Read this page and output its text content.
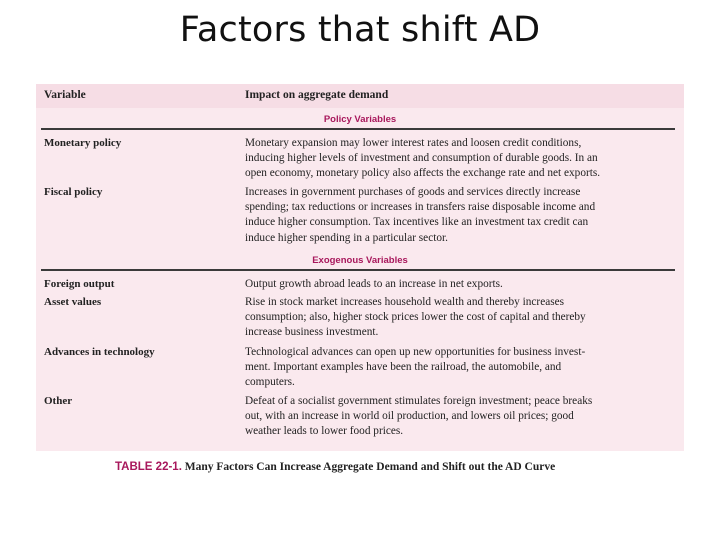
Factors that shift AD
Variable	Impact on aggregate demand
Policy Variables
Monetary policy	Monetary expansion may lower interest rates and loosen credit conditions,
inducing higher levels of investment and consumption of durable goods. In an
open economy, monetary policy also affects the exchange rate and net exports.
Fiscal policy	Increases in government purchases of goods and services directly increase
spending; tax reductions or increases in transfers raise disposable income and
induce higher consumption. Tax incentives like an investment tax credit can
induce higher spending in a particular sector.
Exogenous Variables
Foreign output	Output growth abroad leads to an increase in net exports.
Asset values	Rise in stock market increases household wealth and thereby increases
consumption; also, higher stock prices lower the cost of capital and thereby
increase business investment.
Advances in technology	Technological advances can open up new opportunities for business invest-
ment. Important examples have been the railroad, the automobile, and
computers.
Other	Defeat of a socialist government stimulates foreign investment; peace breaks
out, with an increase in world oil production, and lowers oil prices; good
weather leads to lower food prices.
TABLE 22-1. Many Factors Can Increase Aggregate Demand and Shift out the AD Curve
